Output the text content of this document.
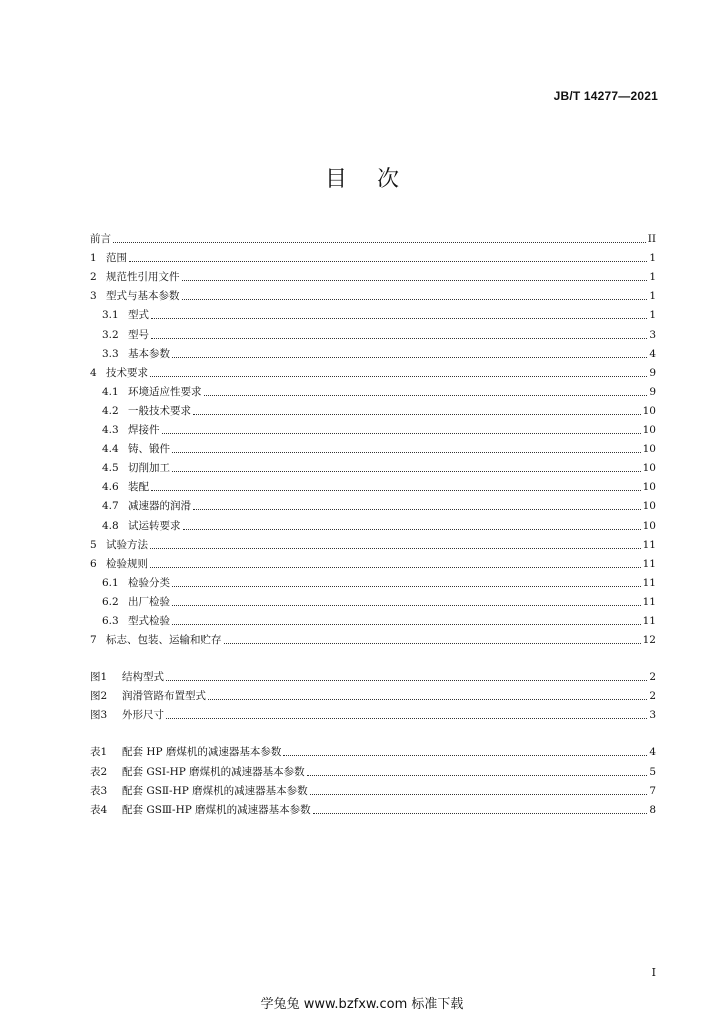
JB/T 14277—2021
目次
前言	II
1 范围	1
2 规范性引用文件	1
3 型式与基本参数	1
3.1 型式	1
3.2 型号	3
3.3 基本参数	4
4 技术要求	9
4.1 环境适应性要求	9
4.2 一般技术要求	10
4.3 焊接件	10
4.4 铸、锻件	10
4.5 切削加工	10
4.6 装配	10
4.7 减速器的润滑	10
4.8 试运转要求	10
5 试验方法	11
6 检验规则	11
6.1 检验分类	11
6.2 出厂检验	11
6.3 型式检验	11
7 标志、包装、运输和贮存	12
图1	结构型式	2
图2	润滑管路布置型式	2
图3	外形尺寸	3
表1	配套 HP 磨煤机的减速器基本参数	4
表2	配套 GSⅠ-HP 磨煤机的减速器基本参数	5
表3	配套 GSⅡ-HP 磨煤机的减速器基本参数	7
表4	配套 GSⅢ-HP 磨煤机的减速器基本参数	8
I
学兔兔 www.bzfxw.com 标准下载
